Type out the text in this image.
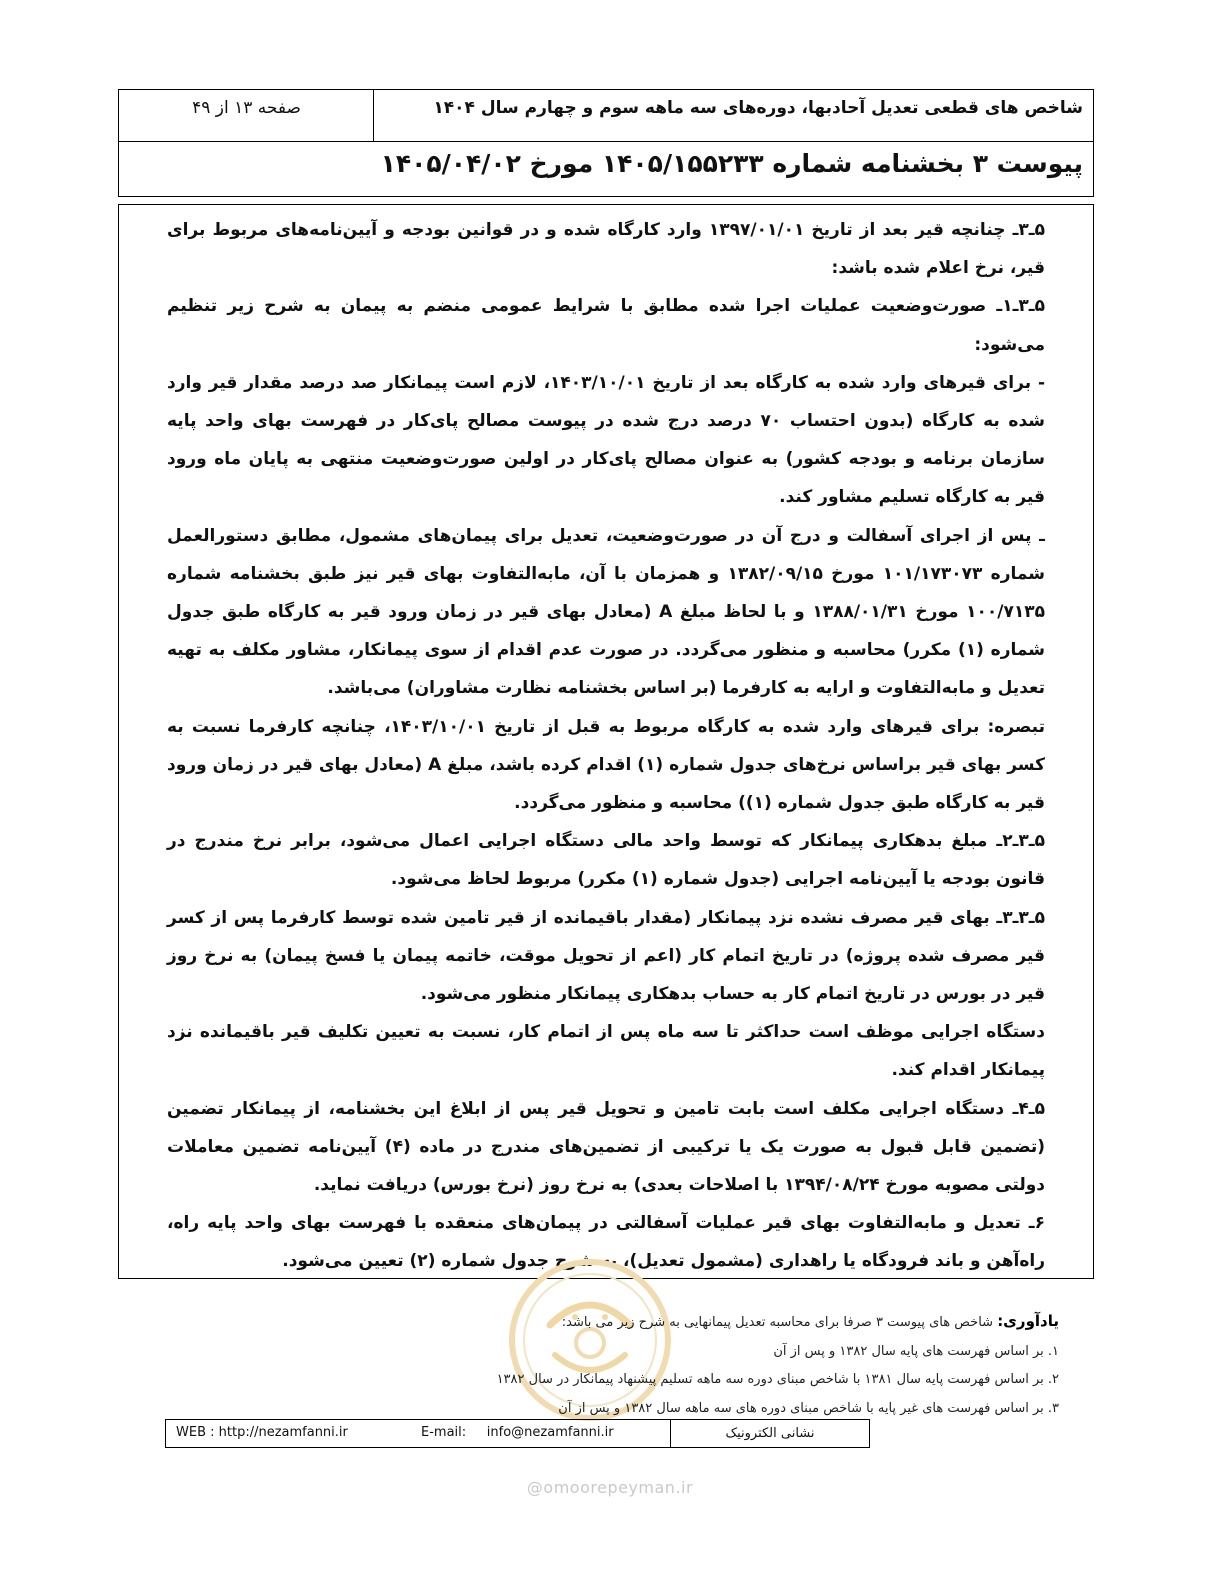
شاخص های قطعی تعدیل آحادبها، دوره‌های سه ماهه سوم و چهارم سال ۱۴۰۴
صفحه ۱۳ از ۴۹
پیوست ۳ بخشنامه شماره ۱۴۰۵/۱۵۵۲۳۳ مورخ ۱۴۰۵/۰۴/۰۲

۵ـ۳ـ چنانچه قیر بعد از تاریخ ۱۳۹۷/۰۱/۰۱ وارد کارگاه شده و در قوانین بودجه و آیین‌نامه‌های مربوط برای قیر، نرخ اعلام شده باشد:

۵ـ۳ـ۱ـ صورت‌وضعیت عملیات اجرا شده مطابق با شرایط عمومی منضم به پیمان به شرح زیر تنظیم می‌شود:

- برای قیرهای وارد شده به کارگاه بعد از تاریخ ۱۴۰۳/۱۰/۰۱، لازم است پیمانکار صد درصد مقدار قیر وارد شده به کارگاه (بدون احتساب ۷۰ درصد درج شده در پیوست مصالح پای‌کار در فهرست بهای واحد پایه سازمان برنامه و بودجه کشور) به عنوان مصالح پای‌کار در اولین صورت‌وضعیت منتهی به پایان ماه ورود قیر به کارگاه تسلیم مشاور کند.

ـ پس از اجرای آسفالت و درج آن در صورت‌وضعیت، تعدیل برای پیمان‌های مشمول، مطابق دستورالعمل شماره ۱۰۱/۱۷۳۰۷۳ مورخ ۱۳۸۲/۰۹/۱۵ و همزمان با آن، مابه‌التفاوت بهای قیر نیز طبق بخشنامه شماره ۱۰۰/۷۱۳۵ مورخ ۱۳۸۸/۰۱/۳۱ و با لحاظ مبلغ A (معادل بهای قیر در زمان ورود قیر به کارگاه طبق جدول شماره (۱) مکرر) محاسبه و منظور می‌گردد. در صورت عدم اقدام از سوی پیمانکار، مشاور مکلف به تهیه تعدیل و مابه‌التفاوت و ارایه به کارفرما (بر اساس بخشنامه نظارت مشاوران) می‌باشد.

تبصره: برای قیرهای وارد شده به کارگاه مربوط به قبل از تاریخ ۱۴۰۳/۱۰/۰۱، چنانچه کارفرما نسبت به کسر بهای قیر براساس نرخ‌های جدول شماره (۱) اقدام کرده باشد، مبلغ A (معادل بهای قیر در زمان ورود قیر به کارگاه طبق جدول شماره (۱)) محاسبه و منظور می‌گردد.

۵ـ۳ـ۲ـ مبلغ بدهکاری پیمانکار که توسط واحد مالی دستگاه اجرایی اعمال می‌شود، برابر نرخ مندرج در قانون بودجه یا آیین‌نامه اجرایی (جدول شماره (۱) مکرر) مربوط لحاظ می‌شود.

۵ـ۳ـ۳ـ بهای قیر مصرف نشده نزد پیمانکار (مقدار باقیمانده از قیر تامین شده توسط کارفرما پس از کسر قیر مصرف شده پروژه) در تاریخ اتمام کار (اعم از تحویل موقت، خاتمه پیمان یا فسخ پیمان) به نرخ روز قیر در بورس در تاریخ اتمام کار به حساب بدهکاری پیمانکار منظور می‌شود.

دستگاه اجرایی موظف است حداکثر تا سه ماه پس از اتمام کار، نسبت به تعیین تکلیف قیر باقیمانده نزد پیمانکار اقدام کند.

۵ـ۴ـ دستگاه اجرایی مکلف است بابت تامین و تحویل قیر پس از ابلاغ این بخشنامه، از پیمانکار تضمین (تضمین قابل قبول به صورت یک یا ترکیبی از تضمین‌های مندرج در ماده (۴) آیین‌نامه تضمین معاملات دولتی مصوبه مورخ ۱۳۹۴/۰۸/۲۴ با اصلاحات بعدی) به نرخ روز (نرخ بورس) دریافت نماید.

۶ـ تعدیل و مابه‌التفاوت بهای قیر عملیات آسفالتی در پیمان‌های منعقده با فهرست بهای واحد پایه راه، راه‌آهن و باند فرودگاه یا راهداری (مشمول تعدیل)، به شرح جدول شماره (۲) تعیین می‌شود.

@omoorepeyman.ir
یادآوری: شاخص های پیوست ۳ صرفا برای محاسبه تعدیل پیمانهایی به شرح زیر می باشد:
۱. بر اساس فهرست های پایه سال ۱۳۸۲ و پس از آن
۲. بر اساس فهرست پایه سال ۱۳۸۱ با شاخص مبنای دوره سه ماهه تسلیم پیشنهاد پیمانکار در سال ۱۳۸۲
۳. بر اساس فهرست های غیر پایه با شاخص مبنای دوره های سه ماهه سال ۱۳۸۲ و پس از آن
نشانی الکترونیک
E-mail:     info@nezamfanni.ir
WEB : http://nezamfanni.ir
